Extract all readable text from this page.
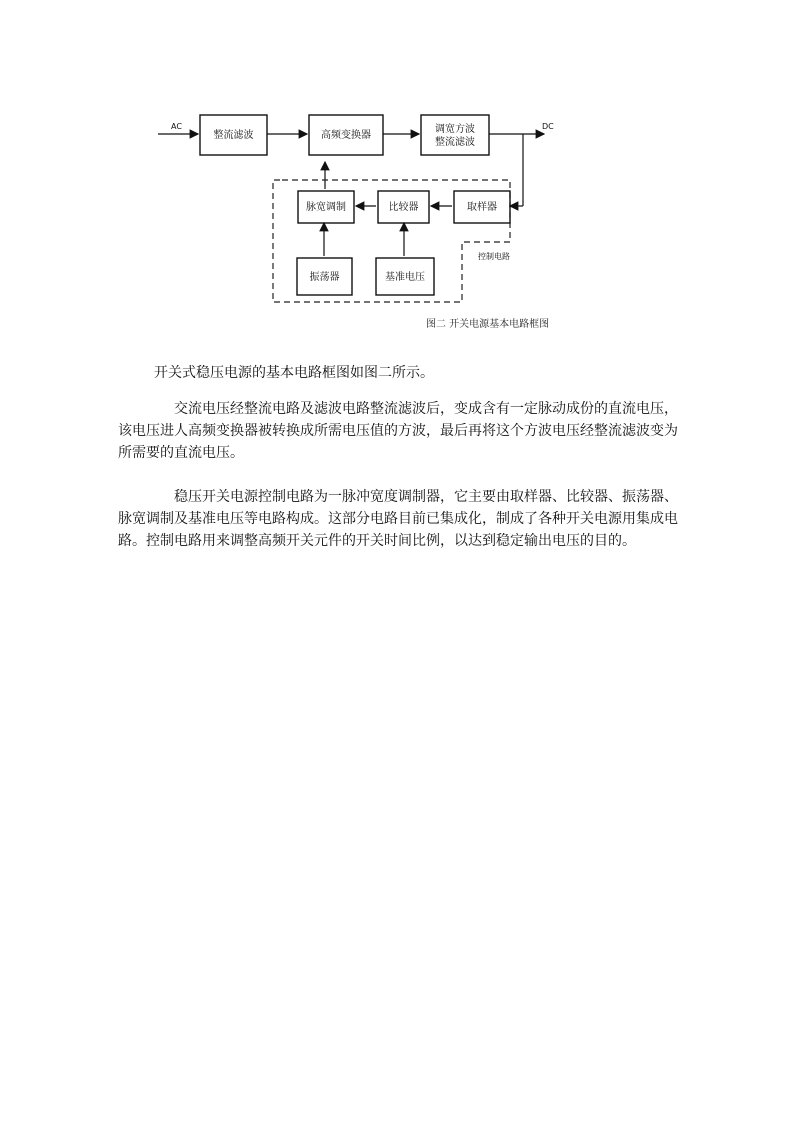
AC
整流滤波	高频变换器
调宽方波
整流滤波
DC
脉宽调制	比较器	取样器
振荡器	基准电压
控制电路
图二 开关电源基本电路框图

开关式稳压电源的基本电路框图如图二所示。

交流电压经整流电路及滤波电路整流滤波后，变成含有一定脉动成份的直流电压，该电压进人高频变换器被转换成所需电压值的方波，最后再将这个方波电压经整流滤波变为所需要的直流电压。

稳压开关电源控制电路为一脉冲宽度调制器，它主要由取样器、比较器、振荡器、脉宽调制及基准电压等电路构成。这部分电路目前已集成化，制成了各种开关电源用集成电路。控制电路用来调整高频开关元件的开关时间比例，以达到稳定输出电压的目的。
